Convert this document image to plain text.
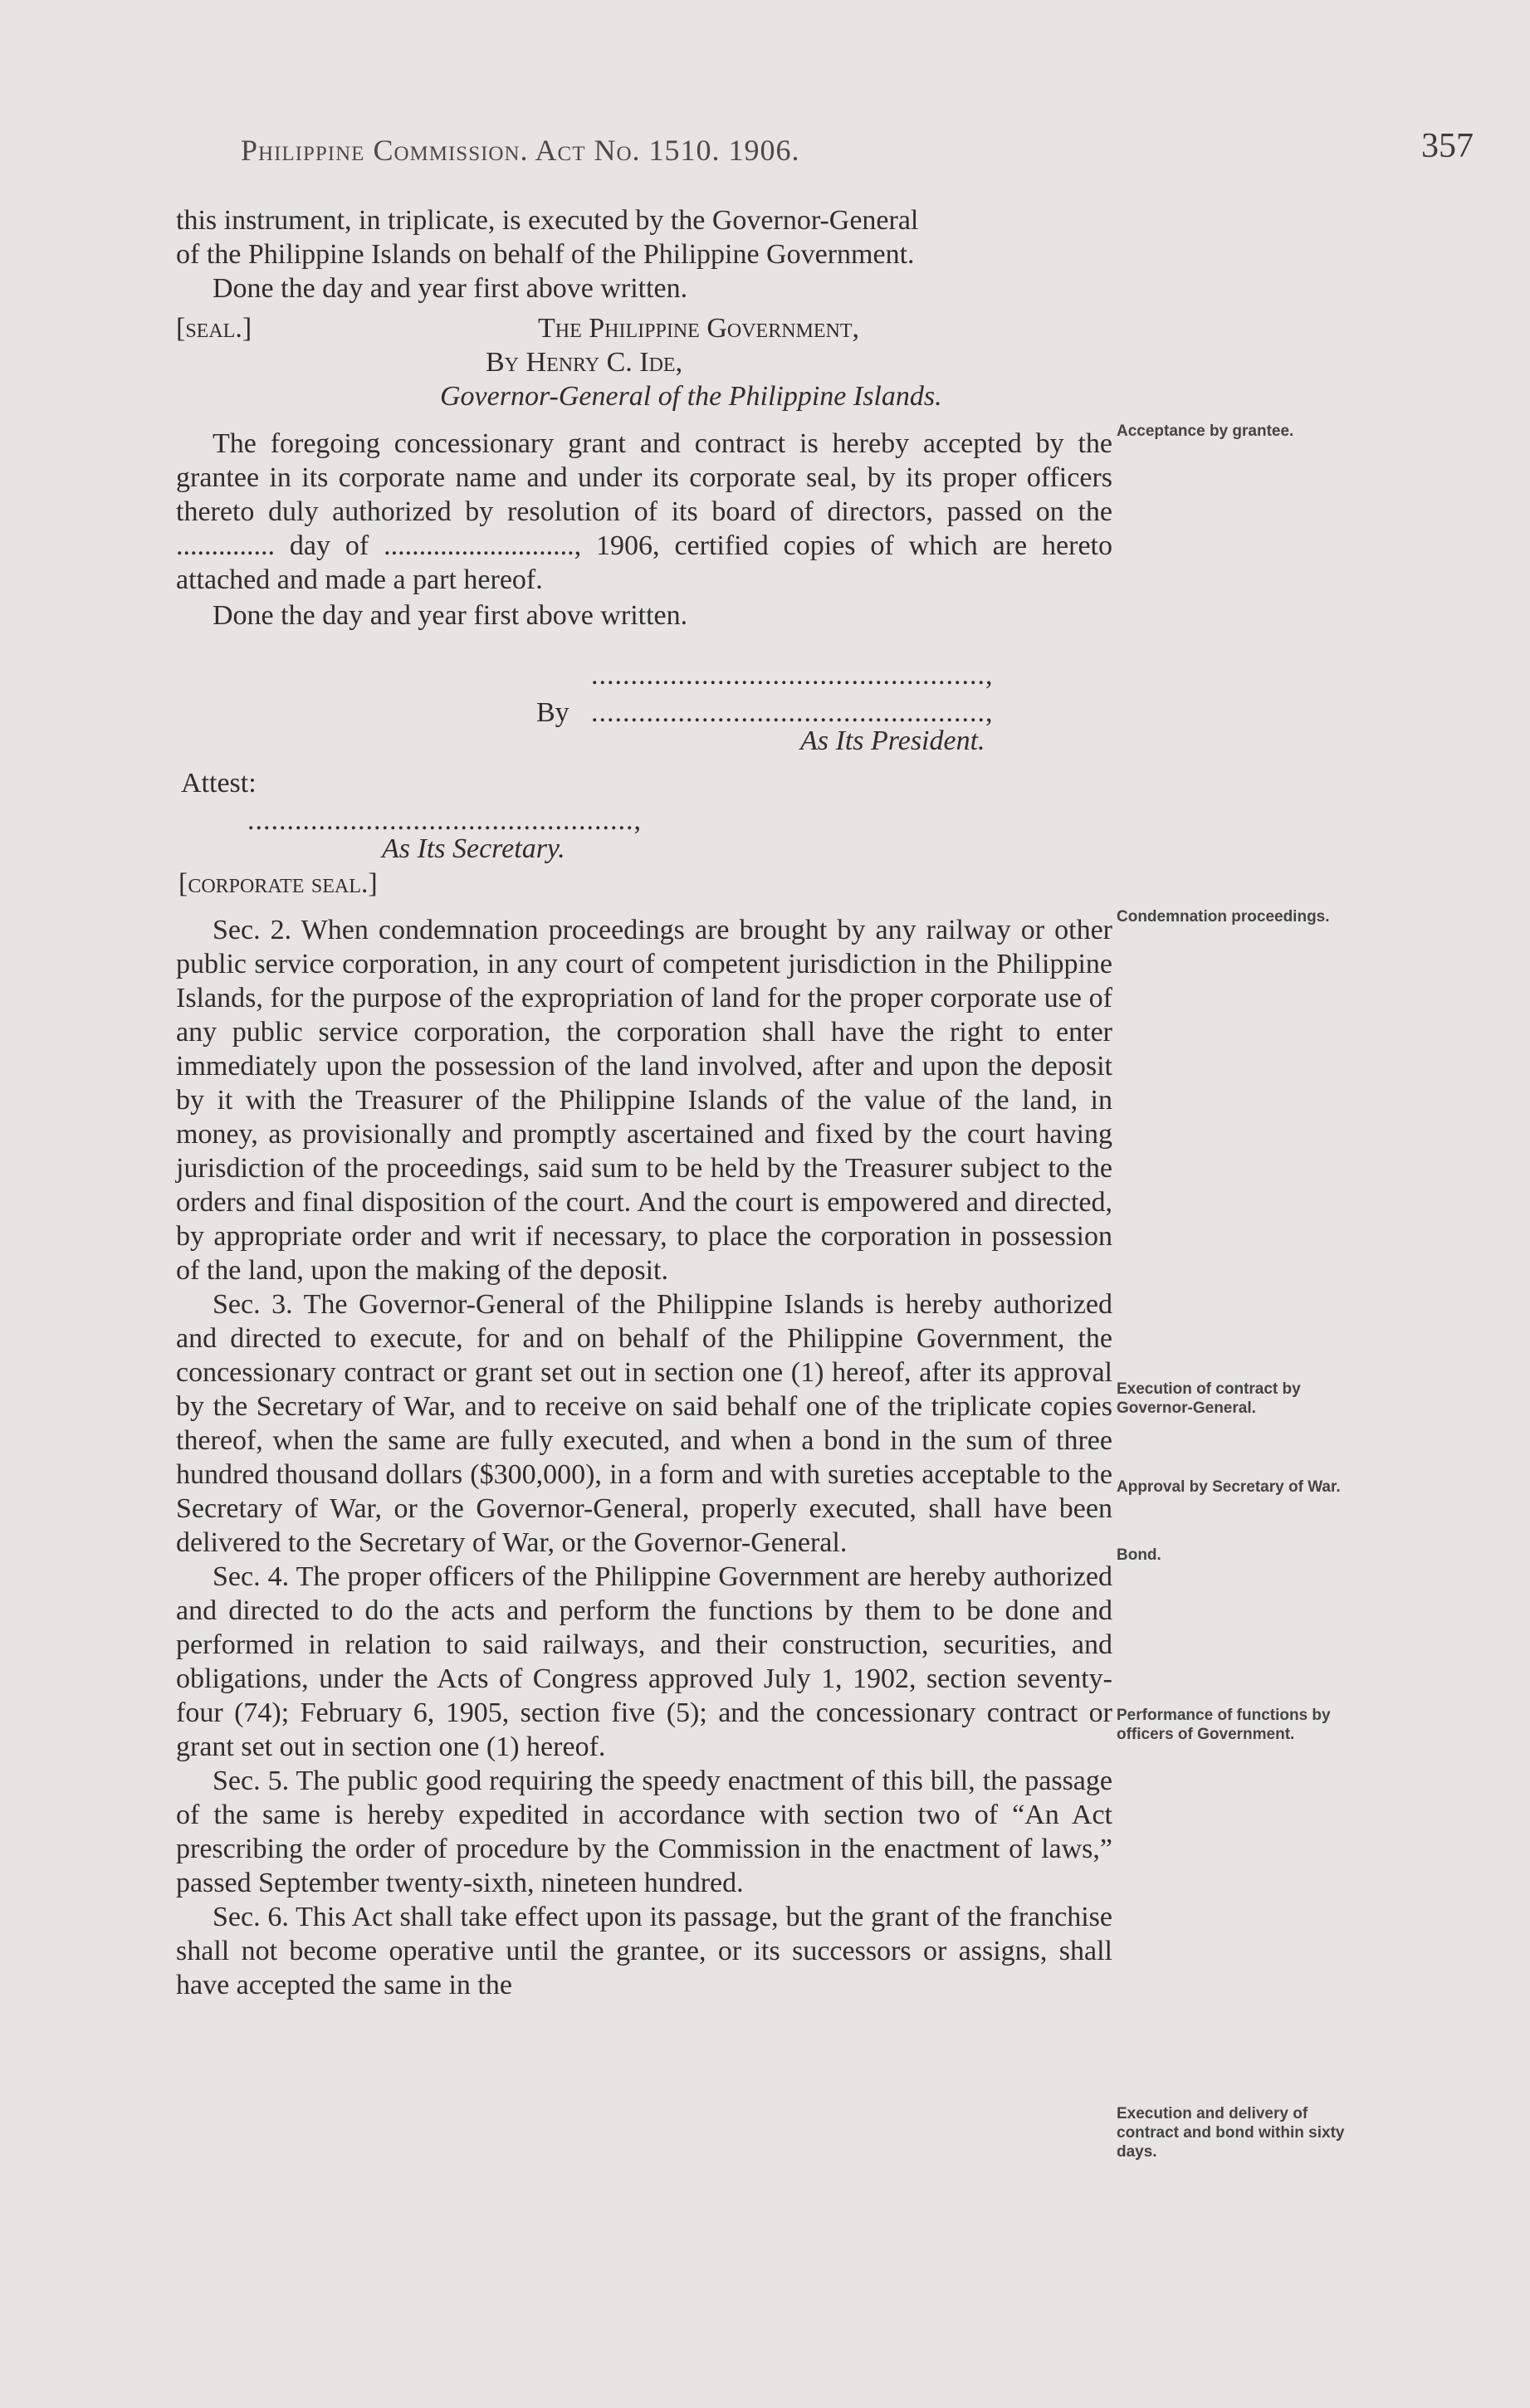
Philippine Commission. Act No. 1510. 1906.	357

this instrument, in triplicate, is executed by the Governor-General

of the Philippine Islands on behalf of the Philippine Government.

Done the day and year first above written.

[seal.]	The Philippine Government,
By Henry C. Ide,
Governor-General of the Philippine Islands.

The foregoing concessionary grant and contract is hereby accepted by the grantee in its corporate name and under its corporate seal, by its proper officers thereto duly authorized by resolution of its board of directors, passed on the .............. day of ..........................., 1906, certified copies of which are hereto attached and made a part hereof.

Done the day and year first above written.

..................................................,
By ..................................................,
As Its President.
Attest:
.................................................,
As Its Secretary.
[corporate seal.]

Sec. 2. When condemnation proceedings are brought by any railway or other public service corporation, in any court of competent jurisdiction in the Philippine Islands, for the purpose of the expropriation of land for the proper corporate use of any public service corporation, the corporation shall have the right to enter immediately upon the possession of the land involved, after and upon the deposit by it with the Treasurer of the Philippine Islands of the value of the land, in money, as provisionally and promptly ascertained and fixed by the court having jurisdiction of the proceedings, said sum to be held by the Treasurer subject to the orders and final disposition of the court. And the court is empowered and directed, by appropriate order and writ if necessary, to place the corporation in possession of the land, upon the making of the deposit.

Sec. 3. The Governor-General of the Philippine Islands is hereby authorized and directed to execute, for and on behalf of the Philippine Government, the concessionary contract or grant set out in section one (1) hereof, after its approval by the Secretary of War, and to receive on said behalf one of the triplicate copies thereof, when the same are fully executed, and when a bond in the sum of three hundred thousand dollars ($300,000), in a form and with sureties acceptable to the Secretary of War, or the Governor-General, properly executed, shall have been delivered to the Secretary of War, or the Governor-General.

Sec. 4. The proper officers of the Philippine Government are hereby authorized and directed to do the acts and perform the functions by them to be done and performed in relation to said railways, and their construction, securities, and obligations, under the Acts of Congress approved July 1, 1902, section seventy-four (74); February 6, 1905, section five (5); and the concessionary contract or grant set out in section one (1) hereof.

Sec. 5. The public good requiring the speedy enactment of this bill, the passage of the same is hereby expedited in accordance with section two of “An Act prescribing the order of procedure by the Commission in the enactment of laws,” passed September twenty-sixth, nineteen hundred.

Sec. 6. This Act shall take effect upon its passage, but the grant of the franchise shall not become operative until the grantee, or its successors or assigns, shall have accepted the same in the

Acceptance by grantee.
Condemnation proceedings.
Execution of contract by Governor-General.
Approval by Secretary of War.
Bond.
Performance of functions by officers of Government.
Execution and delivery of contract and bond within sixty days.
